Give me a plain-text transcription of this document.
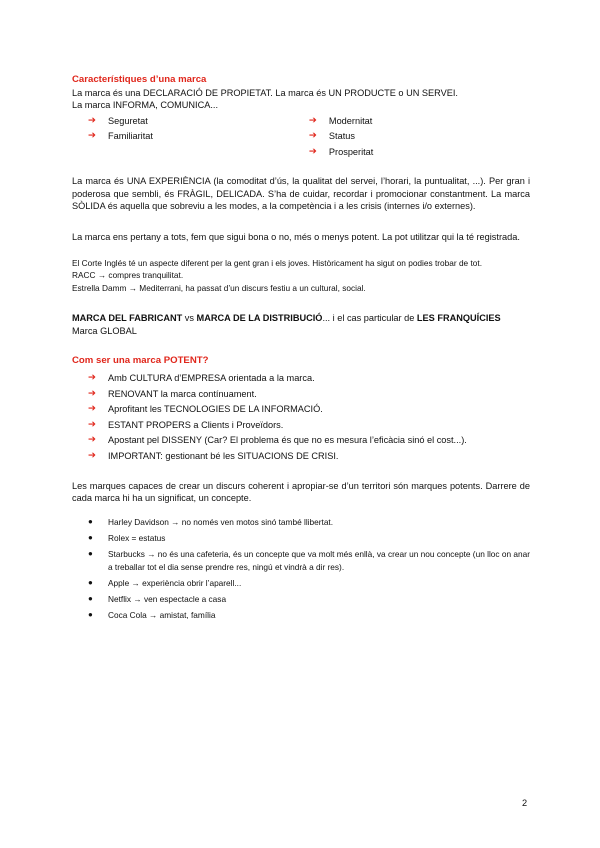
Característiques d’una marca

La marca és una DECLARACIÓ DE PROPIETAT. La marca és UN PRODUCTE o UN SERVEI.

La marca INFORMA, COMUNICA...

➔	Seguretat
➔	Familiaritat
➔	Modernitat
➔	Status
➔	Prosperitat

La marca és UNA EXPERIÈNCIA (la comoditat d’ús, la qualitat del servei, l’horari, la puntualitat, ...). Per gran i poderosa que sembli, és FRÀGIL, DELICADA. S’ha de cuidar, recordar i promocionar constantment. La marca SÒLIDA és aquella que sobreviu a les modes, a la competència i a les crisis (internes i/o externes).

La marca ens pertany a tots, fem que sigui bona o no, més o menys potent. La pot utilitzar qui la té registrada.

El Corte Inglés té un aspecte diferent per la gent gran i els joves. Històricament ha sigut on podies trobar de tot.

RACC → compres tranquilitat.

Estrella Damm → Mediterrani, ha passat d’un discurs festiu a un cultural, social.

MARCA DEL FABRICANT vs MARCA DE LA DISTRIBUCIÓ... i el cas particular de LES FRANQUÍCIES

Marca GLOBAL

Com ser una marca POTENT?

➔	Amb CULTURA d’EMPRESA orientada a la marca.
➔	RENOVANT la marca contínuament.
➔	Aprofitant les TECNOLOGIES DE LA INFORMACIÓ.
➔	ESTANT PROPERS a Clients i Proveïdors.
➔	Apostant pel DISSENY (Car? El problema és que no es mesura l’eficàcia sinó el cost...).
➔	IMPORTANT: gestionant bé les SITUACIONS DE CRISI.

Les marques capaces de crear un discurs coherent i apropiar-se d’un territori són marques potents. Darrere de cada marca hi ha un significat, un concepte.

●	Harley Davidson → no només ven motos sinó també llibertat.
●	Rolex = estatus
●	Starbucks → no és una cafeteria, és un concepte que va molt més enllà, va crear un nou concepte (un lloc on anar a treballar tot el dia sense prendre res, ningú et vindrà a dir res).
●	Apple → experiència obrir l’aparell...
●	Netflix → ven espectacle a casa
●	Coca Cola → amistat, família
2
